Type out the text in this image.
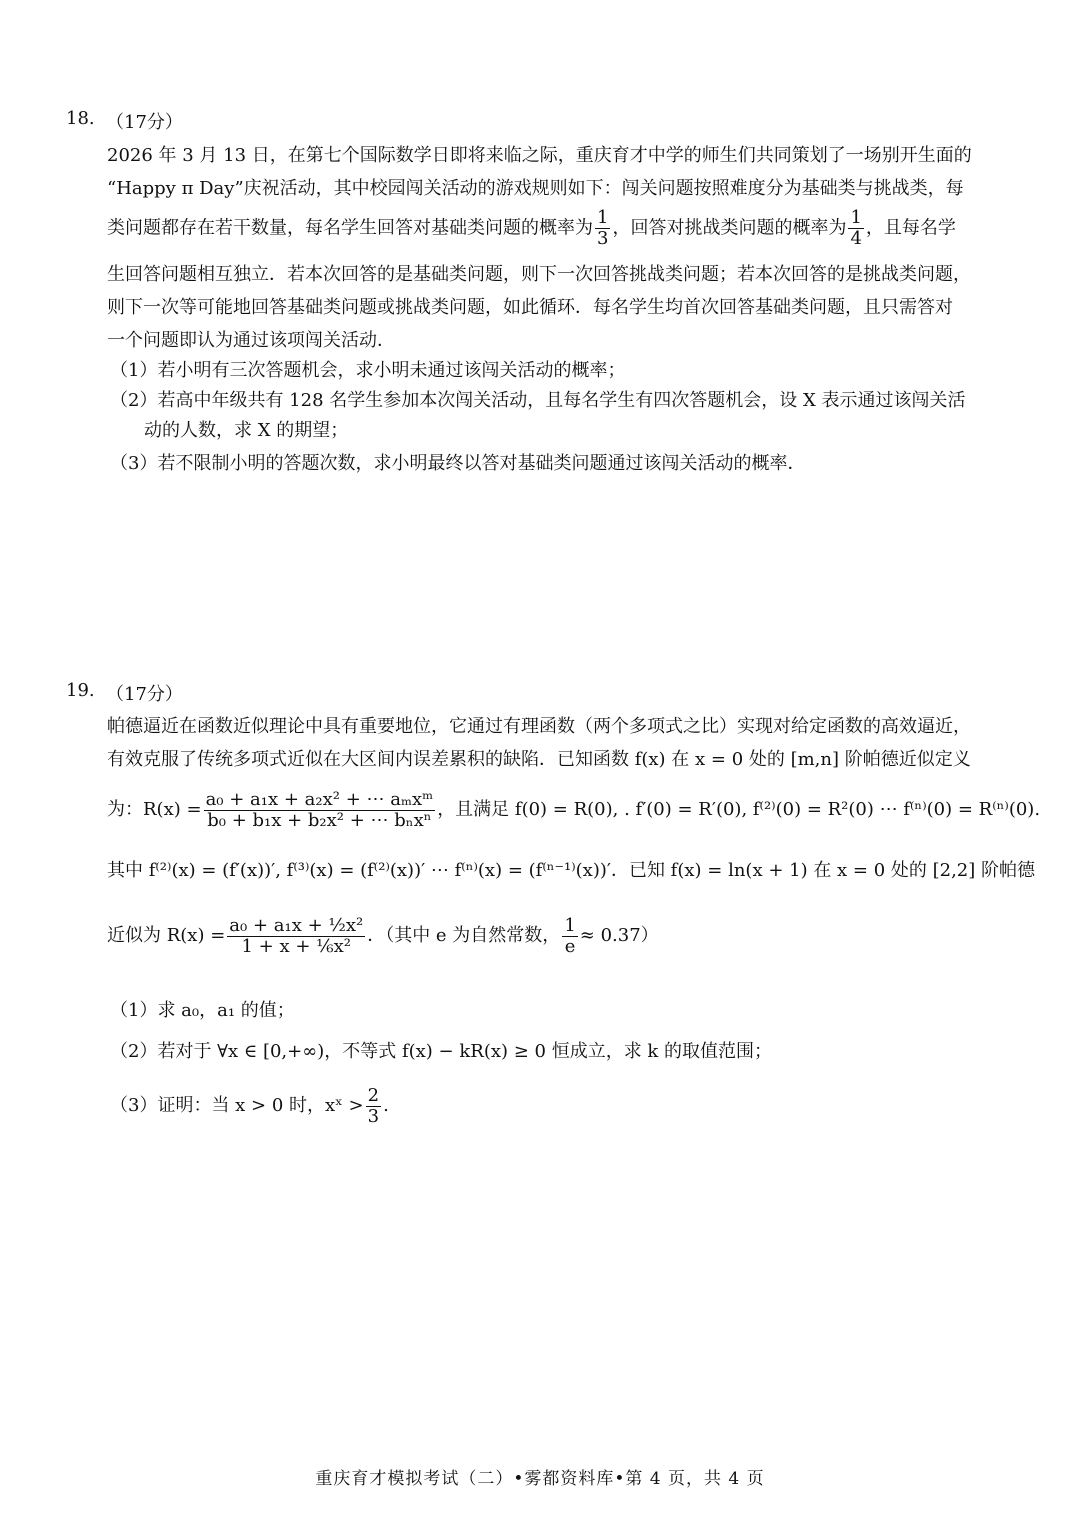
18. （17分）
2026 年 3 月 13 日，在第七个国际数学日即将来临之际，重庆育才中学的师生们共同策划了一场别开生面的
“Happy π Day”庆祝活动，其中校园闯关活动的游戏规则如下：闯关问题按照难度分为基础类与挑战类，每
类问题都存在若干数量，每名学生回答对基础类问题的概率为 $\frac{1}{3}$ ，回答对挑战类问题的概率为 $\frac{1}{4}$ ，且每名学
生回答问题相互独立．若本次回答的是基础类问题，则下一次回答挑战类问题；若本次回答的是挑战类问题，
则下一次等可能地回答基础类问题或挑战类问题，如此循环．每名学生均首次回答基础类问题，且只需答对
一个问题即认为通过该项闯关活动．
（1）若小明有三次答题机会，求小明未通过该闯关活动的概率；
（2）若高中年级共有 128 名学生参加本次闯关活动，且每名学生有四次答题机会，设 X 表示通过该闯关活
动的人数，求 X 的期望；
（3）若不限制小明的答题次数，求小明最终以答对基础类问题通过该闯关活动的概率．
19. （17分）
帕德逼近在函数近似理论中具有重要地位，它通过有理函数（两个多项式之比）实现对给定函数的高效逼近，
有效克服了传统多项式近似在大区间内误差累积的缺陷．已知函数 f(x) 在 x = 0 处的 [m,n] 阶帕德近似定义
为：$R(x) = \frac{\text{a₀ + a₁x + a₂x² + ⋯ aₘxᵐ}}{\text{b₀ + b₁x + b₂x² + ⋯ bₙxⁿ}}$ ，且满足 f(0) = R(0), . f′(0) = R′(0), f⁽²⁾(0) = R²(0) ⋯ f⁽ⁿ⁾(0) = R⁽ⁿ⁾(0).
其中 f⁽²⁾(x) = (f′(x))′, f⁽³⁾(x) = (f⁽²⁾(x))′ ⋯ f⁽ⁿ⁾(x) = (f⁽ⁿ⁻¹⁾(x))′．已知 f(x) = ln(x + 1) 在 x = 0 处的 [2,2] 阶帕德
近似为 $R(x) = \frac{\text{a₀ + a₁x + ½x²}}{\text{1 + x + ⅙x²}}$ ．（其中 e 为自然常数， $\frac{1}{e} \approx 0.37$）
（1）求 a₀，a₁ 的值；
（2）若对于 ∀x ∈ [0,+∞)，不等式 f(x) − kR(x) ≥ 0 恒成立，求 k 的取值范围；
（3）证明：当 x > 0 时，xˣ > $\frac{2}{3}$ .
重庆育才模拟考试（二）•雾都资料库•第 4 页，共 4 页
